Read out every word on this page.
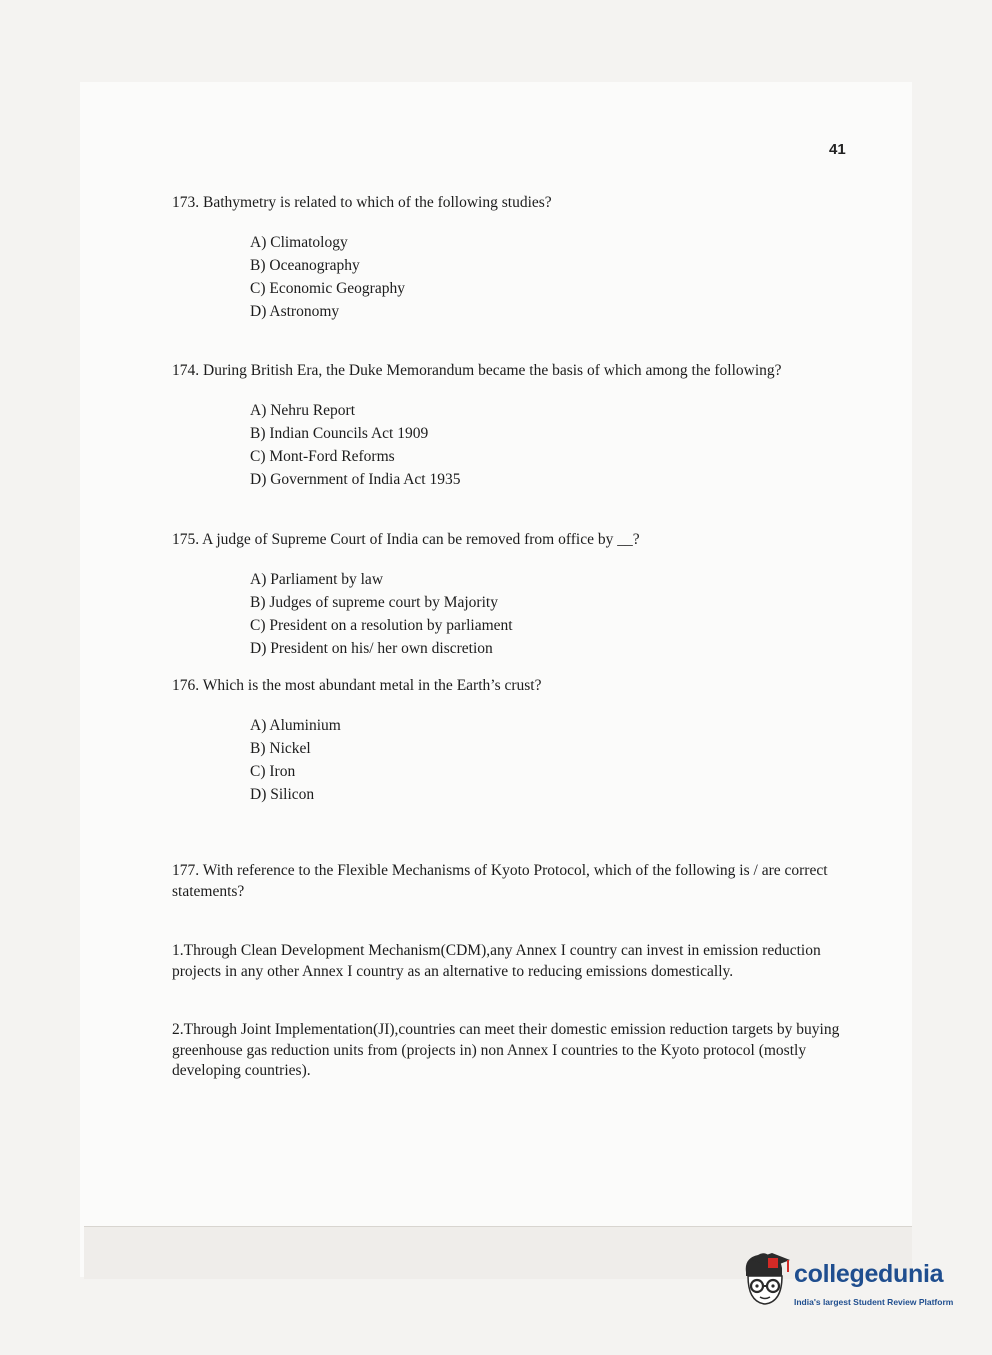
41
173. Bathymetry is related to which of the following studies?
A) Climatology
B) Oceanography
C) Economic Geography
D) Astronomy
174. During British Era, the Duke Memorandum became the basis of which among the following?
A) Nehru Report
B) Indian Councils Act 1909
C) Mont-Ford Reforms
D) Government of India Act 1935
175. A judge of Supreme Court of India can be removed from office by __?
A) Parliament by law
B) Judges of supreme court by Majority
C) President on a resolution by parliament
D) President on his/ her own discretion
176. Which is the most abundant metal in the Earth’s crust?
A) Aluminium
B) Nickel
C) Iron
D) Silicon
177. With reference to the Flexible Mechanisms of Kyoto Protocol, which of the following is / are correct statements?
1.Through Clean Development Mechanism(CDM),any Annex I country can invest in emission reduction projects in any other Annex I country as an alternative to reducing emissions domestically.
2.Through Joint Implementation(JI),countries can meet their domestic emission reduction targets by buying greenhouse gas reduction units from (projects in) non Annex I countries to the Kyoto protocol (mostly developing countries).
collegedunia
India's largest Student Review Platform
